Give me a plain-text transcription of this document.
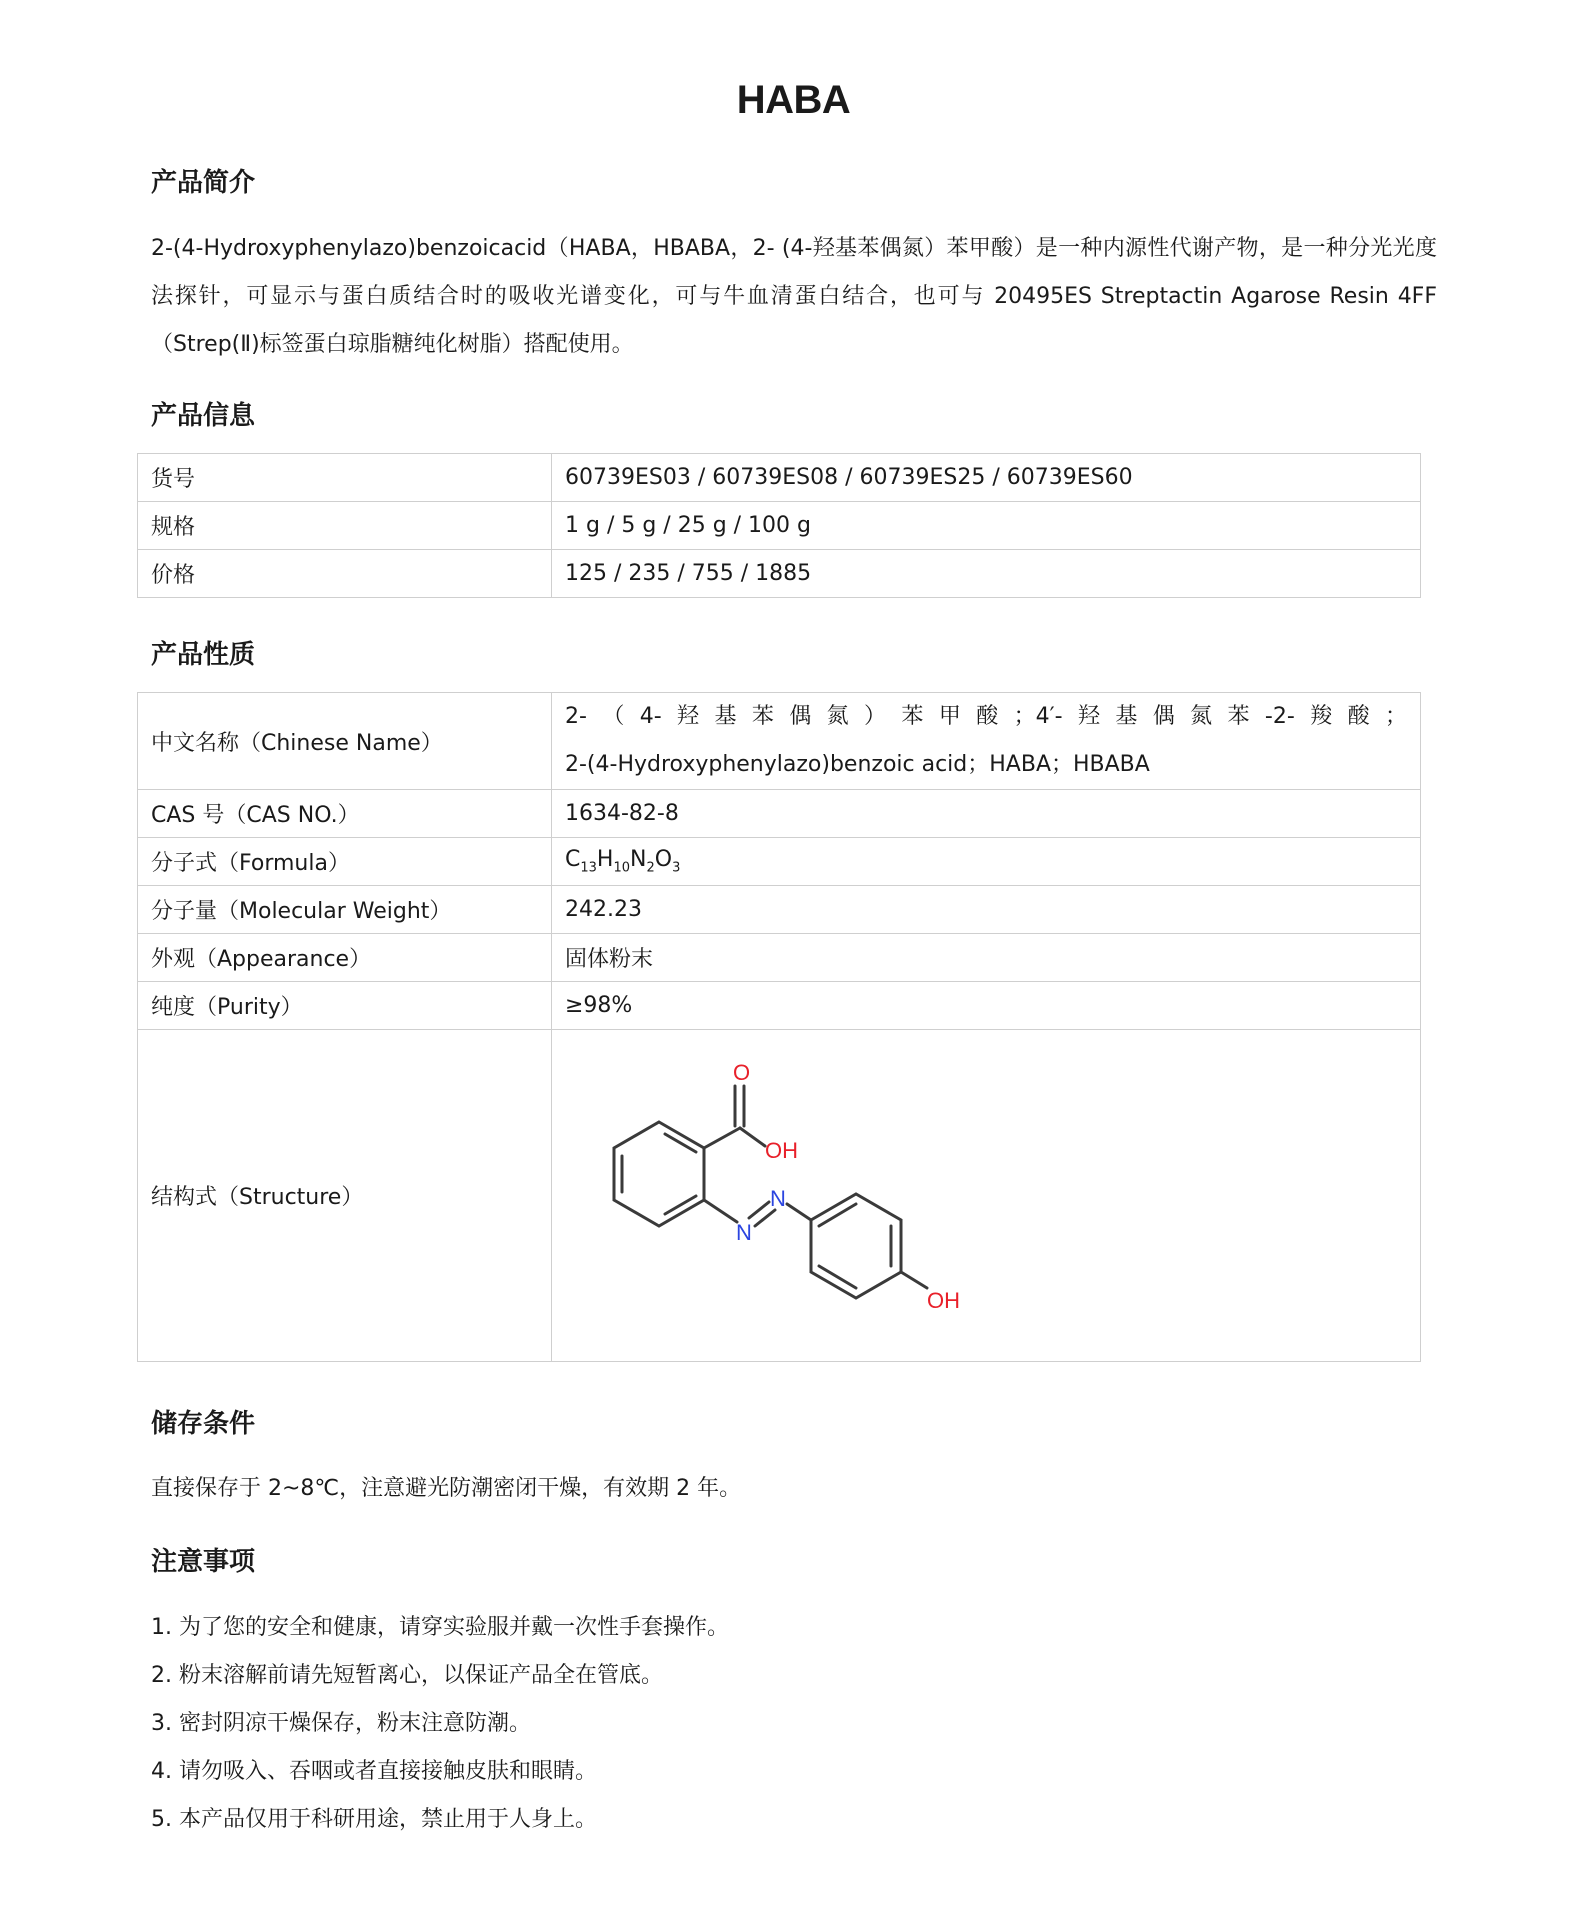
HABA
产品简介

2-(4-Hydroxyphenylazo)benzoicacid（HABA，HBABA，2- (4-羟基苯偶氮）苯甲酸）是一种内源性代谢产物，是一种分光光度法探针，可显示与蛋白质结合时的吸收光谱变化，可与牛血清蛋白结合，也可与 20495ES Streptactin Agarose Resin 4FF（Strep(Ⅱ)标签蛋白琼脂糖纯化树脂）搭配使用。

产品信息
货号	60739ES03 / 60739ES08 / 60739ES25 / 60739ES60
规格	1 g / 5 g / 25 g / 100 g
价格	125 / 235 / 755 / 1885
产品性质
中文名称（Chinese Name）	2-（4-羟基苯偶氮）苯甲酸；4′-羟基偶氮苯-2-羧酸；
2-(4-Hydroxyphenylazo)benzoic acid；HABA；HBABA

CAS 号（CAS NO.）	1634-82-8
分子式（Formula）	$C_{13}H_{10}N_2O_3$
分子量（Molecular Weight）	242.23
外观（Appearance）	固体粉末
纯度（Purity）	≥98%
结构式（Structure）	O
OH
N
N
OH
储存条件

直接保存于 2~8℃，注意避光防潮密闭干燥，有效期 2 年。

注意事项
1. 为了您的安全和健康，请穿实验服并戴一次性手套操作。
2. 粉末溶解前请先短暂离心，以保证产品全在管底。
3. 密封阴凉干燥保存，粉末注意防潮。
4. 请勿吸入、吞咽或者直接接触皮肤和眼睛。
5. 本产品仅用于科研用途，禁止用于人身上。
